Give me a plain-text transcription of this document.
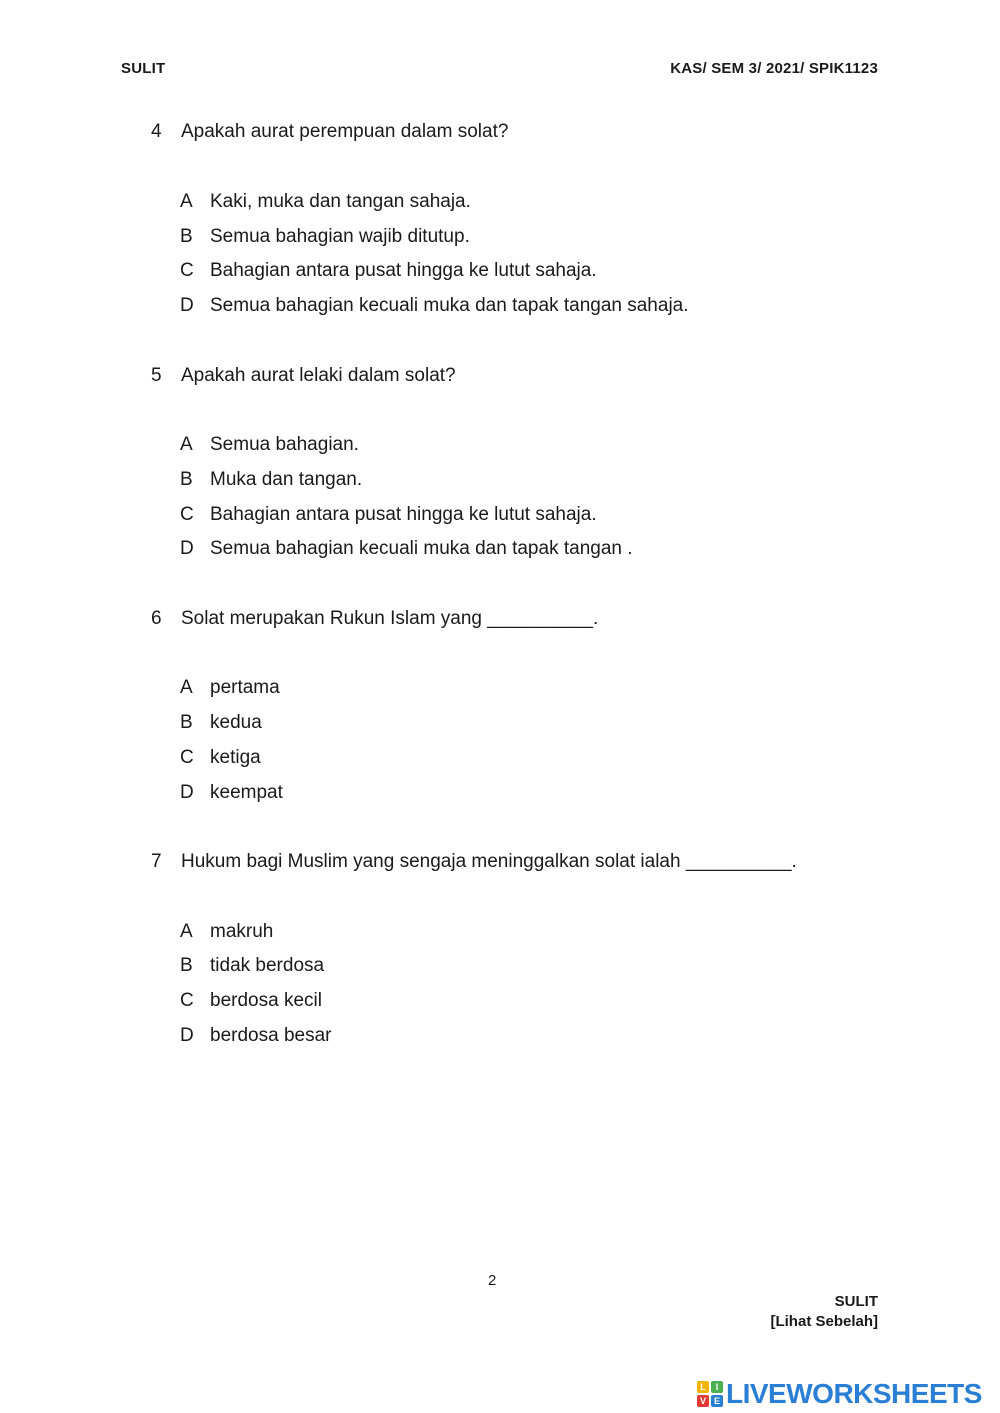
SULIT	KAS/ SEM 3/ 2021/ SPIK1123
4 Apakah aurat perempuan dalam solat?
A Kaki, muka dan tangan sahaja.
B Semua bahagian wajib ditutup.
C Bahagian antara pusat hingga ke lutut sahaja.
D Semua bahagian kecuali muka dan tapak tangan sahaja.
5 Apakah aurat lelaki dalam solat?
A Semua bahagian.
B Muka dan tangan.
C Bahagian antara pusat hingga ke lutut sahaja.
D Semua bahagian kecuali muka dan tapak tangan .
6 Solat merupakan Rukun Islam yang __________.
A pertama
B kedua
C ketiga
D keempat
7 Hukum bagi Muslim yang sengaja meninggalkan solat ialah __________.
A makruh
B tidak berdosa
C berdosa kecil
D berdosa besar
2
SULIT
[Lihat Sebelah]
L	I
V E LIVEWORKSHEETS
